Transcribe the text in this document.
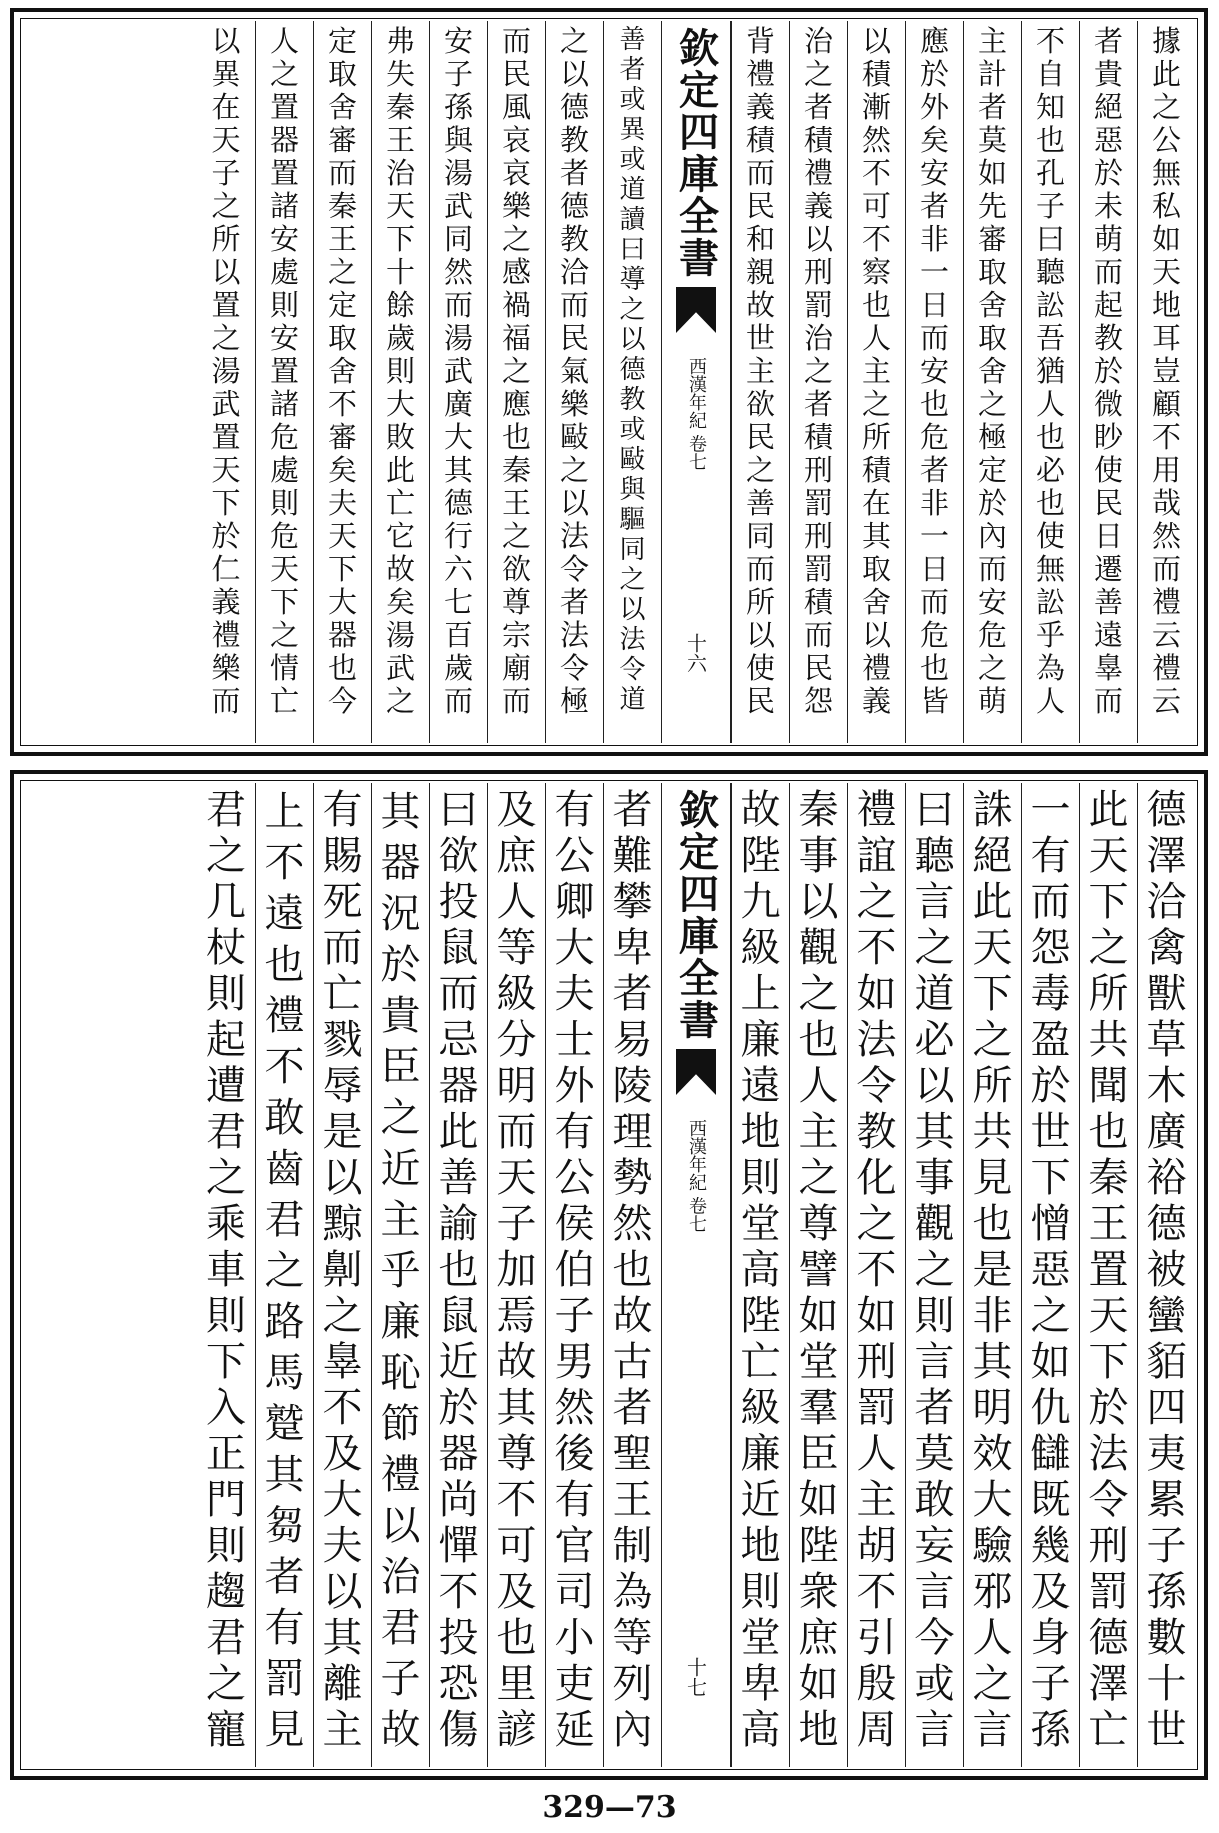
據
此
之
公
無
私
如
天
地
耳
豈
顧
不
用
哉
然
而
禮
云
禮
云
者
貴
絕
惡
於
未
萌
而
起
教
於
微
眇
使
民
日
遷
善
遠
辠
而
不
自
知
也
孔
子
曰
聽
訟
吾
猶
人
也
必
也
使
無
訟
乎
為
人
主
計
者
莫
如
先
審
取
舍
取
舍
之
極
定
於
內
而
安
危
之
萌
應
於
外
矣
安
者
非
一
日
而
安
也
危
者
非
一
日
而
危
也
皆
以
積
漸
然
不
可
不
察
也
人
主
之
所
積
在
其
取
舍
以
禮
義
治
之
者
積
禮
義
以
刑
罰
治
之
者
積
刑
罰
刑
罰
積
而
民
怨
背
禮
義
積
而
民
和
親
故
世
主
欲
民
之
善
同
而
所
以
使
民
欽定四庫全書
西漢年紀 卷七
十六
善
者
或
異
或
道
讀
曰
導
之
以
德
教
或
敺
與
驅
同
之
以
法
令
道
之
以
德
教
者
德
教
洽
而
民
氣
樂
敺
之
以
法
令
者
法
令
極
而
民
風
哀
哀
樂
之
感
禍
福
之
應
也
秦
王
之
欲
尊
宗
廟
而
安
子
孫
與
湯
武
同
然
而
湯
武
廣
大
其
德
行
六
七
百
歲
而
弗
失
秦
王
治
天
下
十
餘
歲
則
大
敗
此
亡
它
故
矣
湯
武
之
定
取
舍
審
而
秦
王
之
定
取
舍
不
審
矣
夫
天
下
大
器
也
今
人
之
置
器
置
諸
安
處
則
安
置
諸
危
處
則
危
天
下
之
情
亡
以
異
在
天
子
之
所
以
置
之
湯
武
置
天
下
於
仁
義
禮
樂
而
德
澤
洽
禽
獸
草
木
廣
裕
德
被
蠻
貊
四
夷
累
子
孫
數
十
世
此
天
下
之
所
共
聞
也
秦
王
置
天
下
於
法
令
刑
罰
德
澤
亡
一
有
而
怨
毒
盈
於
世
下
憎
惡
之
如
仇
讎
既
幾
及
身
子
孫
誅
絕
此
天
下
之
所
共
見
也
是
非
其
明
效
大
驗
邪
人
之
言
曰
聽
言
之
道
必
以
其
事
觀
之
則
言
者
莫
敢
妄
言
今
或
言
禮
誼
之
不
如
法
令
教
化
之
不
如
刑
罰
人
主
胡
不
引
殷
周
秦
事
以
觀
之
也
人
主
之
尊
譬
如
堂
羣
臣
如
陛
衆
庶
如
地
故
陛
九
級
上
廉
遠
地
則
堂
高
陛
亡
級
廉
近
地
則
堂
卑
高
欽定四庫全書
西漢年紀 卷七
十七
者
難
攀
卑
者
易
陵
理
勢
然
也
故
古
者
聖
王
制
為
等
列
內
有
公
卿
大
夫
士
外
有
公
侯
伯
子
男
然
後
有
官
司
小
吏
延
及
庶
人
等
級
分
明
而
天
子
加
焉
故
其
尊
不
可
及
也
里
諺
曰
欲
投
鼠
而
忌
器
此
善
諭
也
鼠
近
於
器
尚
憚
不
投
恐
傷
其
器
況
於
貴
臣
之
近
主
乎
廉
恥
節
禮
以
治
君
子
故
有
賜
死
而
亡
戮
辱
是
以
黥
劓
之
辠
不
及
大
夫
以
其
離
主
上
不
遠
也
禮
不
敢
齒
君
之
路
馬
蹵
其
芻
者
有
罰
見
君
之
几
杖
則
起
遭
君
之
乘
車
則
下
入
正
門
則
趨
君
之
寵
329—73
